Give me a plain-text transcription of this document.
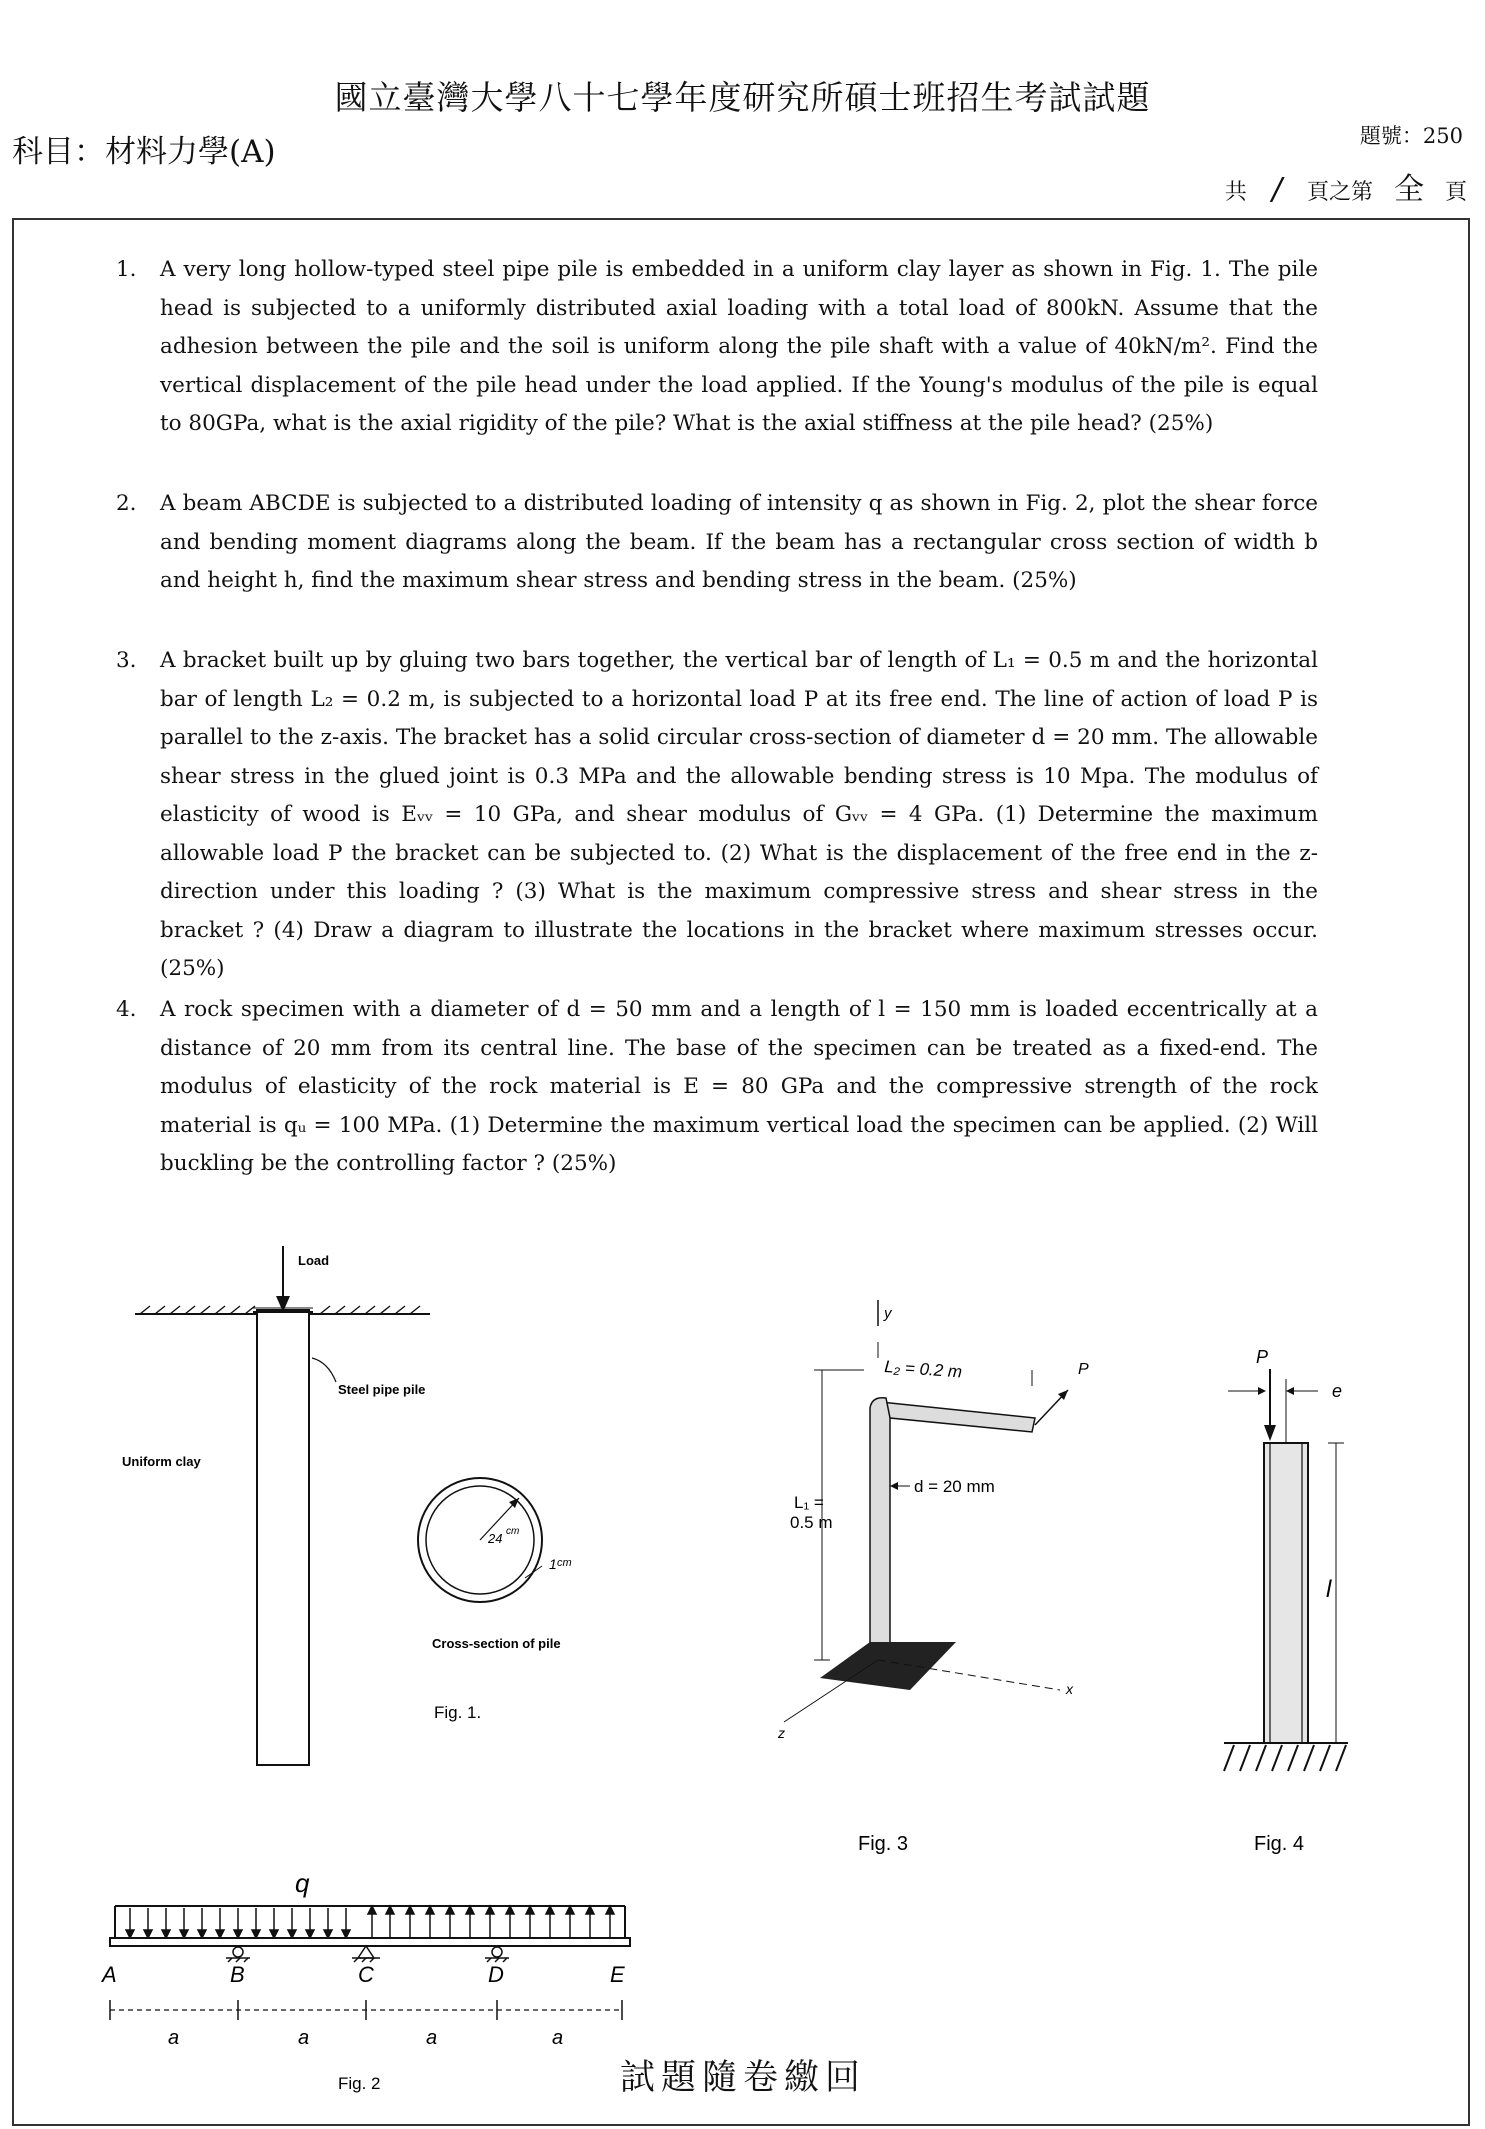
國立臺灣大學八十七學年度研究所碩士班招生考試試題
科目：材料力學(A)	題號：250
共 / 頁之第 全 頁
1. A very long hollow-typed steel pipe pile is embedded in a uniform clay layer as shown in Fig. 1. The pile head is subjected to a uniformly distributed axial loading with a total load of 800kN. Assume that the adhesion between the pile and the soil is uniform along the pile shaft with a value of 40kN/m². Find the vertical displacement of the pile head under the load applied. If the Young's modulus of the pile is equal to 80GPa, what is the axial rigidity of the pile? What is the axial stiffness at the pile head? (25%)
2. A beam ABCDE is subjected to a distributed loading of intensity q as shown in Fig. 2, plot the shear force and bending moment diagrams along the beam. If the beam has a rectangular cross section of width b and height h, find the maximum shear stress and bending stress in the beam. (25%)
3. A bracket built up by gluing two bars together, the vertical bar of length of L₁ = 0.5 m and the horizontal bar of length L₂ = 0.2 m, is subjected to a horizontal load P at its free end. The line of action of load P is parallel to the z-axis. The bracket has a solid circular cross-section of diameter d = 20 mm. The allowable shear stress in the glued joint is 0.3 MPa and the allowable bending stress is 10 Mpa. The modulus of elasticity of wood is Eᵥᵥ = 10 GPa, and shear modulus of Gᵥᵥ = 4 GPa. (1) Determine the maximum allowable load P the bracket can be subjected to. (2) What is the displacement of the free end in the z-direction under this loading ? (3) What is the maximum compressive stress and shear stress in the bracket ? (4) Draw a diagram to illustrate the locations in the bracket where maximum stresses occur. (25%)
4. A rock specimen with a diameter of d = 50 mm and a length of l = 150 mm is loaded eccentrically at a distance of 20 mm from its central line. The base of the specimen can be treated as a fixed-end. The modulus of elasticity of the rock material is E = 80 GPa and the compressive strength of the rock material is qᵤ = 100 MPa. (1) Determine the maximum vertical load the specimen can be applied. (2) Will buckling be the controlling factor ? (25%)
Load
Steel pipe pile
Uniform clay
24 cm
1 cm
Cross-section of pile
Fig. 1.
q
A	B	C	D	E
a	a	a	a
Fig. 2
y
L₂ = 0.2 m	P
L₁ =
0.5 m
d = 20 mm
x
z
Fig. 3
P
e
l
Fig. 4
試題隨卷繳回
